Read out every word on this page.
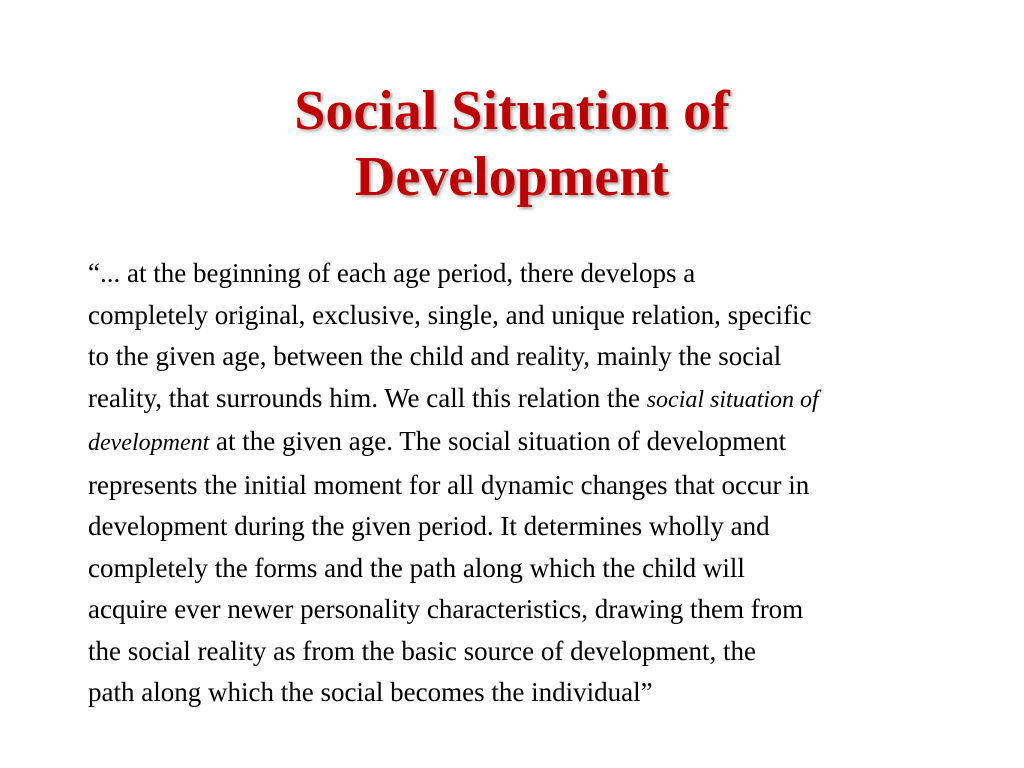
Social Situation of
Development
“... at the beginning of each age period, there develops a
completely original, exclusive, single, and unique relation, specific
to the given age, between the child and reality, mainly the social
reality, that surrounds him. We call this relation the social situation of
development at the given age. The social situation of development
represents the initial moment for all dynamic changes that occur in
development during the given period. It determines wholly and
completely the forms and the path along which the child will
acquire ever newer personality characteristics, drawing them from
the social reality as from the basic source of development, the
path along which the social becomes the individual”
